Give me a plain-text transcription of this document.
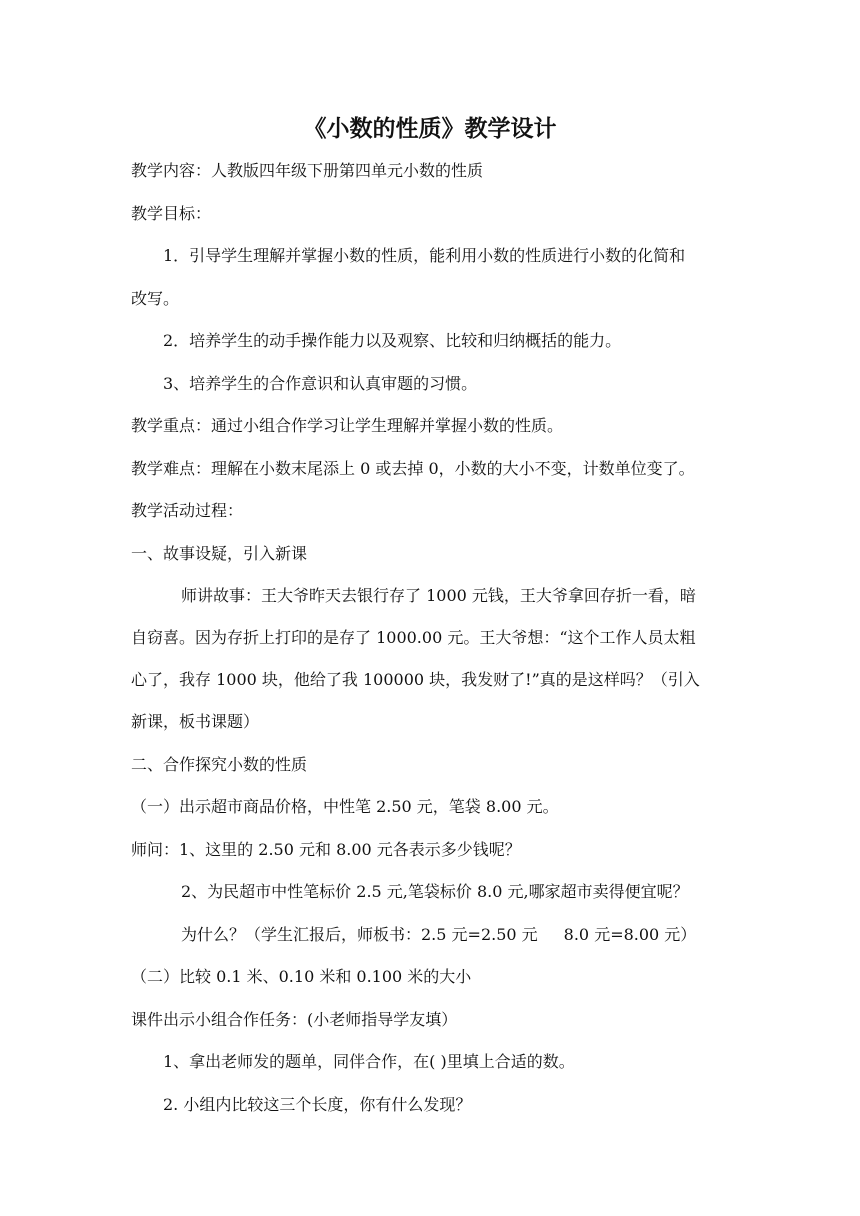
《小数的性质》教学设计
教学内容：人教版四年级下册第四单元小数的性质
教学目标：
1．引导学生理解并掌握小数的性质，能利用小数的性质进行小数的化简和
改写。
2．培养学生的动手操作能力以及观察、比较和归纳概括的能力。
3、培养学生的合作意识和认真审题的习惯。
教学重点：通过小组合作学习让学生理解并掌握小数的性质。
教学难点：理解在小数末尾添上 0 或去掉 0，小数的大小不变，计数单位变了。
教学活动过程：
一、故事设疑，引入新课
师讲故事：王大爷昨天去银行存了 1000 元钱，王大爷拿回存折一看，暗
自窃喜。因为存折上打印的是存了 1000.00 元。王大爷想：“这个工作人员太粗
心了，我存 1000 块，他给了我 100000 块，我发财了!”真的是这样吗？（引入
新课，板书课题）
二、合作探究小数的性质
（一）出示超市商品价格，中性笔 2.50 元，笔袋 8.00 元。
师问：1、这里的 2.50 元和 8.00 元各表示多少钱呢？
2、为民超市中性笔标价 2.5 元,笔袋标价 8.0 元,哪家超市卖得便宜呢？
为什么？（学生汇报后，师板书：2.5 元=2.50 元 8.0 元=8.00 元）
（二）比较 0.1 米、0.10 米和 0.100 米的大小
课件出示小组合作任务：(小老师指导学友填）
1、拿出老师发的题单，同伴合作，在( )里填上合适的数。
2. 小组内比较这三个长度，你有什么发现？
